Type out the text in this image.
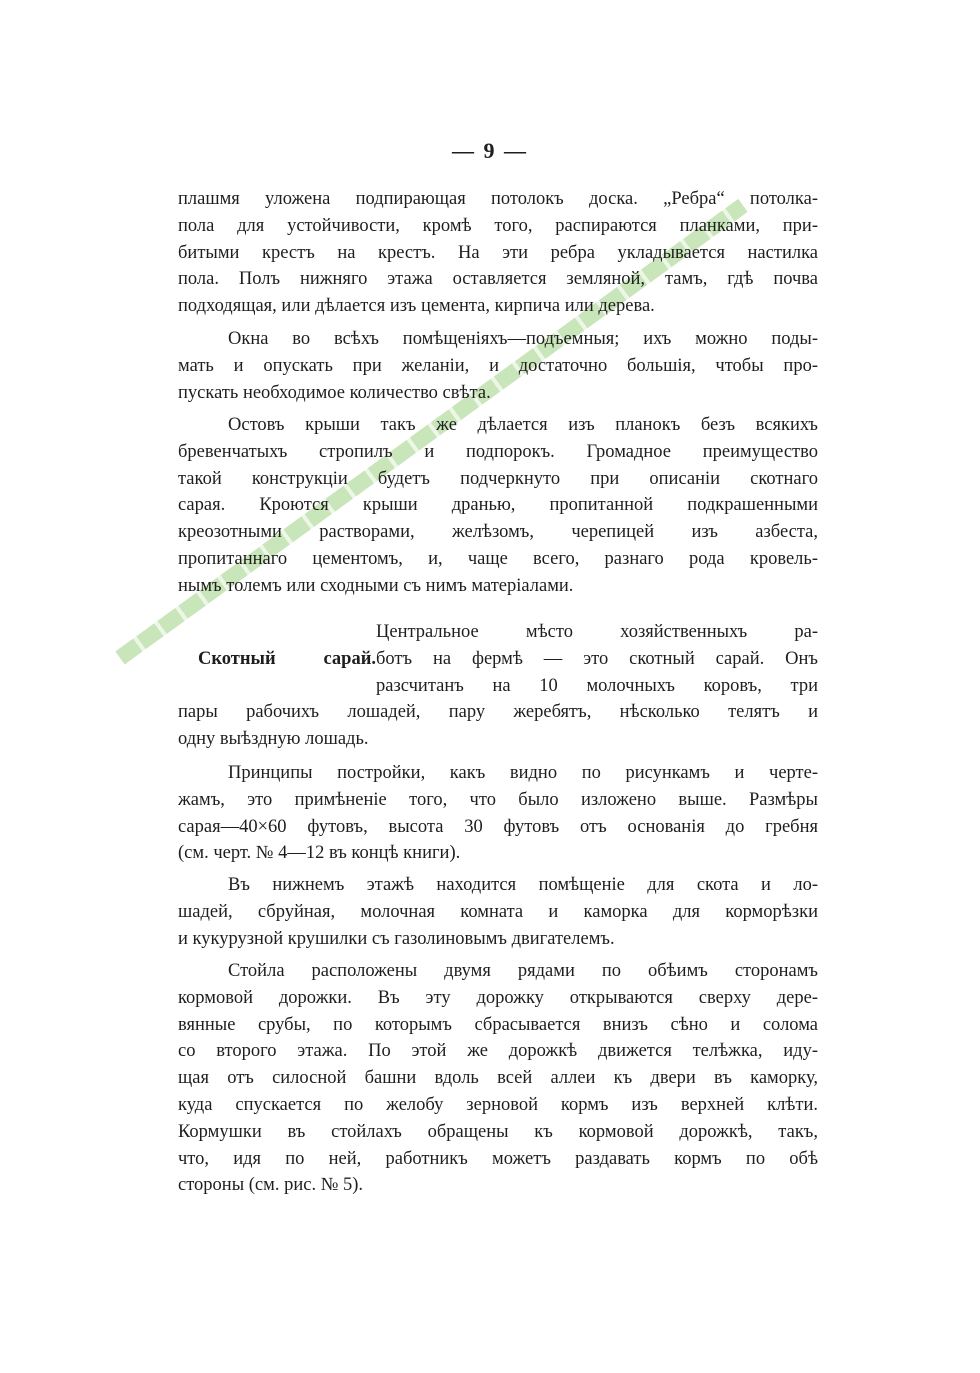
— 9 —
плашмя уложена подпирающая потолокъ доска. „Ребра“ потолка-
пола для устойчивости, кромѣ того, распираются планками, при-
битыми крестъ на крестъ. На эти ребра укладывается настилка
пола. Полъ нижняго этажа оставляется земляной, тамъ, гдѣ почва
подходящая, или дѣлается изъ цемента, кирпича или дерева.
Окна во всѣхъ помѣщеніяхъ—подъемныя; ихъ можно поды-
мать и опускать при желаніи, и достаточно большія, чтобы про-
пускать необходимое количество свѣта.
Остовъ крыши такъ же дѣлается изъ планокъ безъ всякихъ
бревенчатыхъ стропилъ и подпорокъ. Громадное преимущество
такой конструкціи будетъ подчеркнуто при описаніи скотнаго
сарая. Кроются крыши дранью, пропитанной подкрашенными
креозотными растворами, желѣзомъ, черепицей изъ азбеста,
пропитаннаго цементомъ, и, чаще всего, разнаго рода кровель-
нымъ толемъ или сходными съ нимъ матеріалами.
Центральное мѣсто хозяйственныхъ ра-
Скотный сарай.ботъ на фермѣ — это скотный сарай. Онъ
разсчитанъ на 10 молочныхъ коровъ, три
пары рабочихъ лошадей, пару жеребятъ, нѣсколько телятъ и
одну выѣздную лошадь.
Принципы постройки, какъ видно по рисункамъ и черте-
жамъ, это примѣненіе того, что было изложено выше. Размѣры
сарая—40×60 футовъ, высота 30 футовъ отъ основанія до гребня
(см. черт. № 4—12 въ концѣ книги).
Въ нижнемъ этажѣ находится помѣщеніе для скота и ло-
шадей, сбруйная, молочная комната и каморка для корморѣзки
и кукурузной крушилки съ газолиновымъ двигателемъ.
Стойла расположены двумя рядами по обѣимъ сторонамъ
кормовой дорожки. Въ эту дорожку открываются сверху дере-
вянные срубы, по которымъ сбрасывается внизъ сѣно и солома
со второго этажа. По этой же дорожкѣ движется телѣжка, иду-
щая отъ силосной башни вдоль всей аллеи къ двери въ каморку,
куда спускается по желобу зерновой кормъ изъ верхней клѣти.
Кормушки въ стойлахъ обращены къ кормовой дорожкѣ, такъ,
что, идя по ней, работникъ можетъ раздавать кормъ по обѣ
стороны (см. рис. № 5).
